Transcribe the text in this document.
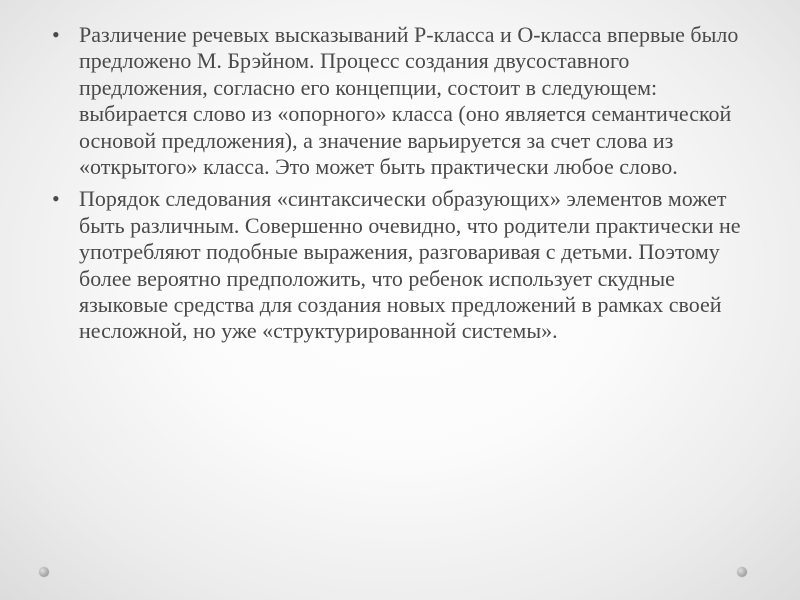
• Различение речевых высказываний Р-класса и О-класса впервые было предложено М. Брэйном. Процесс создания двусоставного предложения, согласно его концепции, состоит в следующем: выбирается слово из «опорного» класса (оно является семантической основой предложения), а значение варьируется за счет слова из «открытого» класса. Это может быть практически любое слово.
• Порядок следования «синтаксически образующих» элементов может быть различным. Совершенно очевидно, что родители практически не употребляют подобные выражения, разговаривая с детьми. Поэтому более вероятно предположить, что ребенок использует скудные языковые средства для создания новых предложений в рамках своей несложной, но уже «структурированной системы».
